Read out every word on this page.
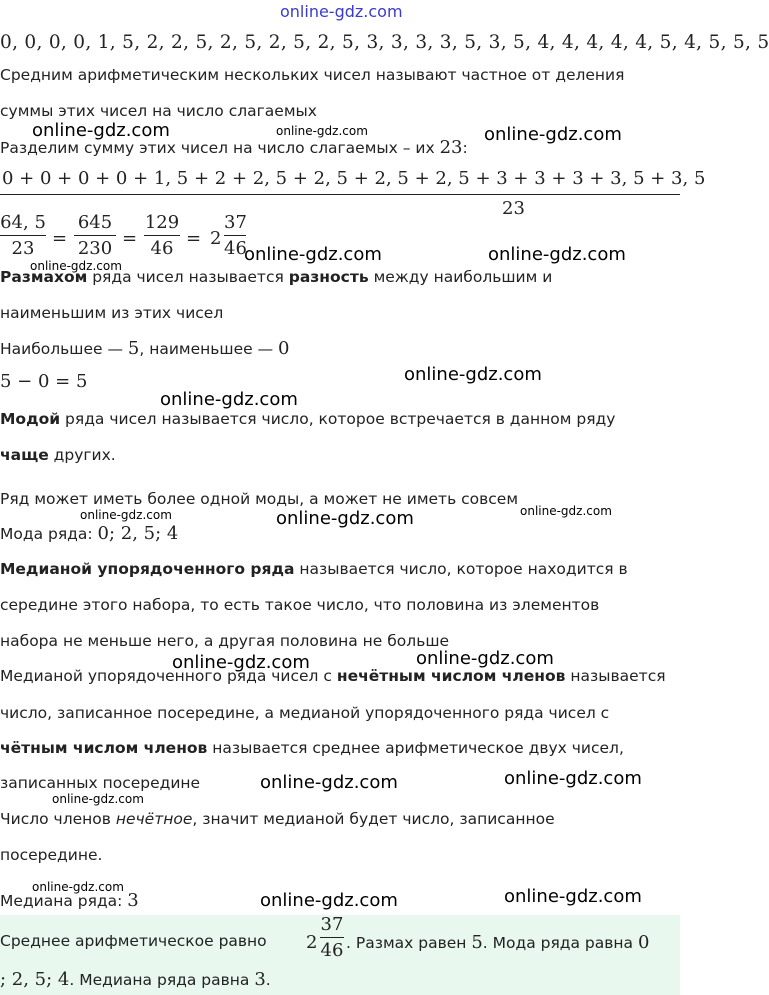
online-gdz.com
0, 0, 0, 0, 1, 5, 2, 2, 5, 2, 5, 2, 5, 2, 5, 3, 3, 3, 3, 5, 3, 5, 4, 4, 4, 4, 4, 5, 4, 5, 5, 5
Средним арифметическим нескольких чисел называют частное от деления
суммы этих чисел на число слагаемых
online-gdz.com	online-gdz.com	online-gdz.com
Разделим сумму этих чисел на число слагаемых – их 23:
0 + 0 + 0 + 0 + 1, 5 + 2 + 2, 5 + 2, 5 + 2, 5 + 2, 5 + 3 + 3 + 3 + 3, 5 + 3, 5
23
64, 5
23 =
645
230 =
129
46 = 2
37
46
online-gdz.com	online-gdz.com
online-gdz.com
Размахом ряда чисел называется разность между наибольшим и
наименьшим из этих чисел
Наибольшее — 5, наименьшее — 0
5 − 0 = 5	online-gdz.com
online-gdz.com
Модой ряда чисел называется число, которое встречается в данном ряду
чаще других.
Ряд может иметь более одной моды, а может не иметь совсем
online-gdz.com	online-gdz.com	online-gdz.com
Мода ряда: 0; 2, 5; 4
Медианой упорядоченного ряда называется число, которое находится в
середине этого набора, то есть такое число, что половина из элементов
набора не меньше него, а другая половина не больше
online-gdz.com	online-gdz.com
Медианой упорядоченного ряда чисел с нечётным числом членов называется
число, записанное посередине, а медианой упорядоченного ряда чисел с
чётным числом членов называется среднее арифметическое двух чисел,
записанных посередине	online-gdz.com	online-gdz.com
online-gdz.com
Число членов нечётное, значит медианой будет число, записанное
посередине.
online-gdz.com
Медиана ряда: 3	online-gdz.com	online-gdz.com
Среднее арифметическое равно 2
37
46 . Размах равен 5. Мода ряда равна 0
; 2, 5; 4. Медиана ряда равна 3.
